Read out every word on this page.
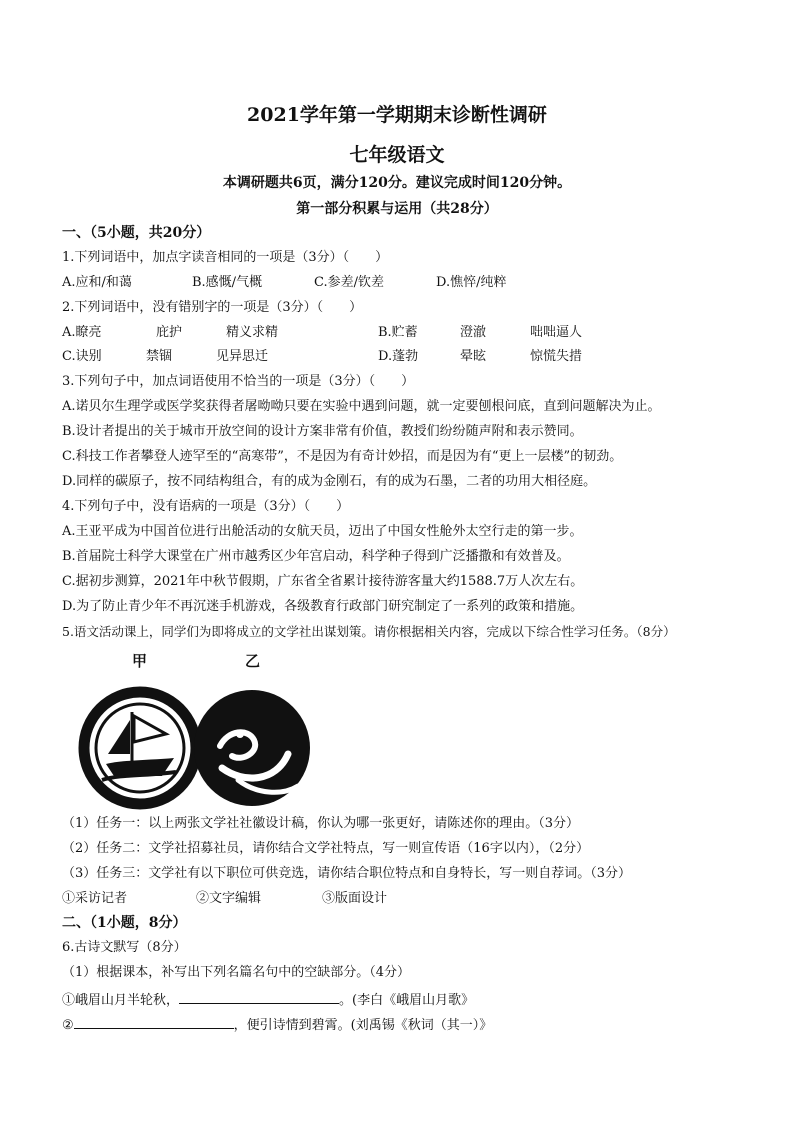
2021学年第一学期期末诊断性调研
七年级语文
本调研题共6页，满分120分。建议完成时间120分钟。
第一部分积累与运用（共28分）
一、（5小题，共20分）
1.下列词语中，加点字读音相同的一项是（3分）（　　）
A.应和/和蔼	B.感慨/气概	C.参差/钦差	D.憔悴/纯粹
2.下列词语中，没有错别字的一项是（3分）（　　）
A.瞭亮	庇护	精义求精	B.贮蓄	澄澈	咄咄逼人
C.诀别	禁锢	见异思迁	D.蓬勃	晕眩	惊慌失措
3.下列句子中，加点词语使用不恰当的一项是（3分）（　　）
A.诺贝尔生理学或医学奖获得者屠呦呦只要在实验中遇到问题，就一定要刨根问底，直到问题解决为止。
B.设计者提出的关于城市开放空间的设计方案非常有价值，教授们纷纷随声附和表示赞同。
C.科技工作者攀登人迹罕至的“高寒带”，不是因为有奇计妙招，而是因为有“更上一层楼”的韧劲。
D.同样的碳原子，按不同结构组合，有的成为金刚石，有的成为石墨，二者的功用大相径庭。
4.下列句子中，没有语病的一项是（3分）（　　）
A.王亚平成为中国首位进行出舱活动的女航天员，迈出了中国女性舱外太空行走的第一步。
B.首届院士科学大课堂在广州市越秀区少年宫启动，科学种子得到广泛播撒和有效普及。
C.据初步测算，2021年中秋节假期，广东省全省累计接待游客量大约1588.7万人次左右。
D.为了防止青少年不再沉迷手机游戏，各级教育行政部门研究制定了一系列的政策和措施。
5.语文活动课上，同学们为即将成立的文学社出谋划策。请你根据相关内容，完成以下综合性学习任务。（8分）
甲	乙
（1）任务一：以上两张文学社社徽设计稿，你认为哪一张更好，请陈述你的理由。（3分）
（2）任务二：文学社招募社员，请你结合文学社特点，写一则宣传语（16字以内），（2分）
（3）任务三：文学社有以下职位可供竞选，请你结合职位特点和自身特长，写一则自荐词。（3分）
①采访记者	②文字编辑	③版面设计
二、（1小题，8分）
6.古诗文默写（8分）
（1）根据课本，补写出下列名篇名句中的空缺部分。（4分）
①峨眉山月半轮秋，	。(李白《峨眉山月歌》
②	，便引诗情到碧霄。(刘禹锡《秋词（其一）》
